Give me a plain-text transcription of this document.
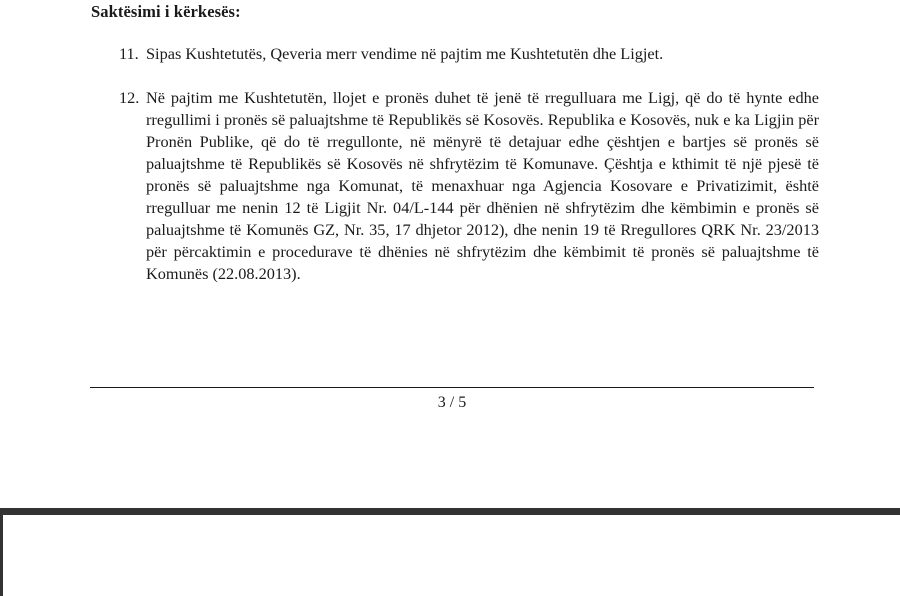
Saktësimi i kërkesës:
11. Sipas Kushtetutës, Qeveria merr vendime në pajtim me Kushtetutën dhe Ligjet.
12. Në pajtim me Kushtetutën, llojet e pronës duhet të jenë të rregulluara me Ligj, që do të hynte edhe rregullimi i pronës së paluajtshme të Republikës së Kosovës. Republika e Kosovës, nuk e ka Ligjin për Pronën Publike, që do të rregullonte, në mënyrë të detajuar edhe çështjen e bartjes së pronës së paluajtshme të Republikës së Kosovës në shfrytëzim të Komunave. Çështja e kthimit të një pjesë të pronës së paluajtshme nga Komunat, të menaxhuar nga Agjencia Kosovare e Privatizimit, është rregulluar me nenin 12 të Ligjit Nr. 04/L-144 për dhënien në shfrytëzim dhe këmbimin e pronës së paluajtshme të Komunës GZ, Nr. 35, 17 dhjetor 2012), dhe nenin 19 të Rregullores QRK Nr. 23/2013 për përcaktimin e procedurave të dhënies në shfrytëzim dhe këmbimit të pronës së paluajtshme të Komunës (22.08.2013).
3 / 5
